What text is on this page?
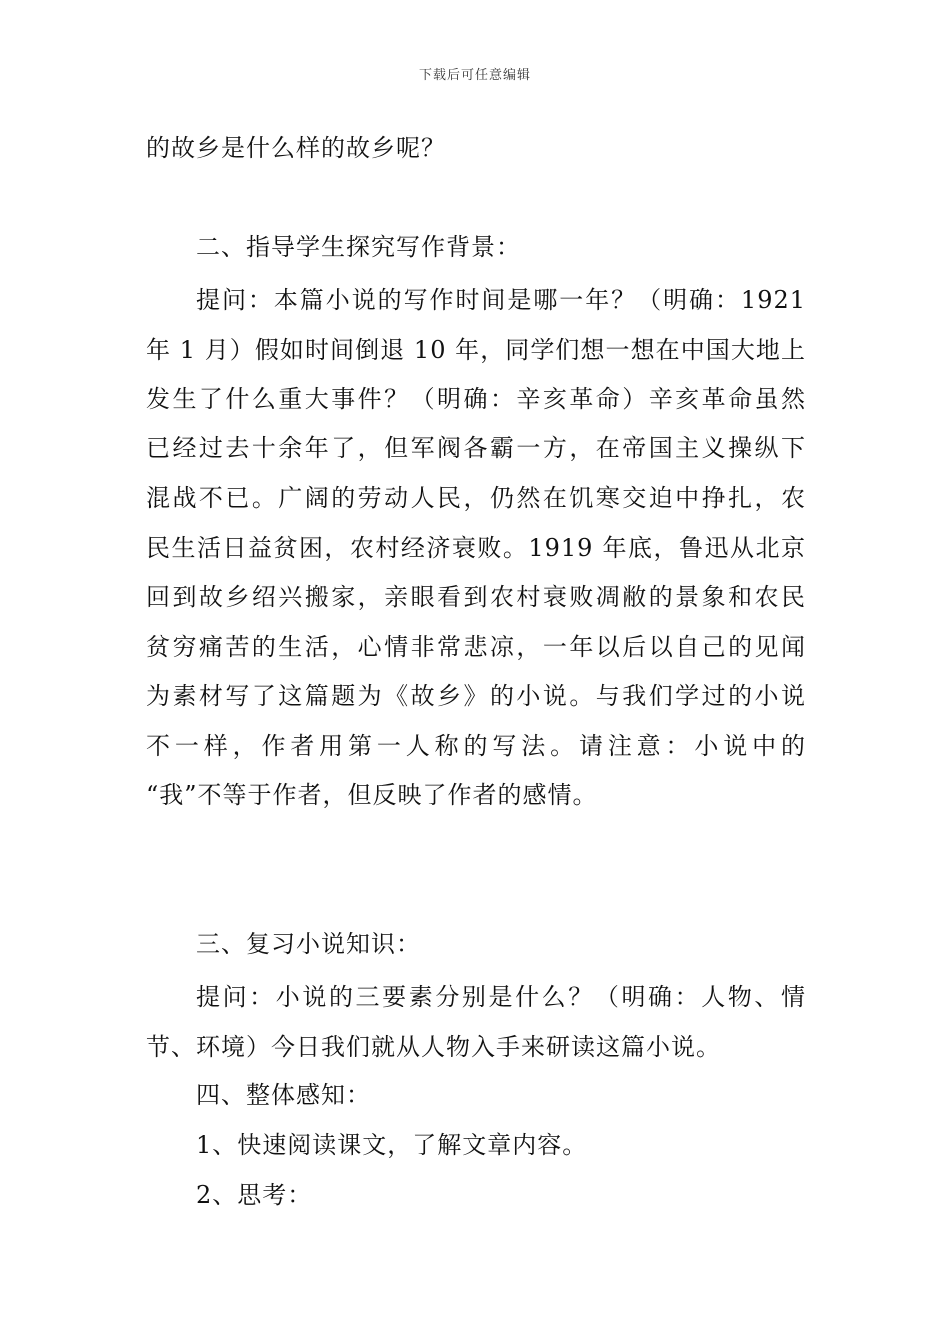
下载后可任意编辑
的故乡是什么样的故乡呢？
二、指导学生探究写作背景：
提问：本篇小说的写作时间是哪一年？（明确：1921
年 1 月）假如时间倒退 10 年，同学们想一想在中国大地上
发生了什么重大事件？（明确：辛亥革命）辛亥革命虽然
已经过去十余年了，但军阀各霸一方，在帝国主义操纵下
混战不已。广阔的劳动人民，仍然在饥寒交迫中挣扎，农
民生活日益贫困，农村经济衰败。1919 年底，鲁迅从北京
回到故乡绍兴搬家，亲眼看到农村衰败凋敝的景象和农民
贫穷痛苦的生活，心情非常悲凉，一年以后以自己的见闻
为素材写了这篇题为《故乡》的小说。与我们学过的小说
不一样，作者用第一人称的写法。请注意：小说中的
“我”不等于作者，但反映了作者的感情。
三、复习小说知识：
提问：小说的三要素分别是什么？（明确：人物、情
节、环境）今日我们就从人物入手来研读这篇小说。
四、整体感知：
1、快速阅读课文，了解文章内容。
2、思考：
